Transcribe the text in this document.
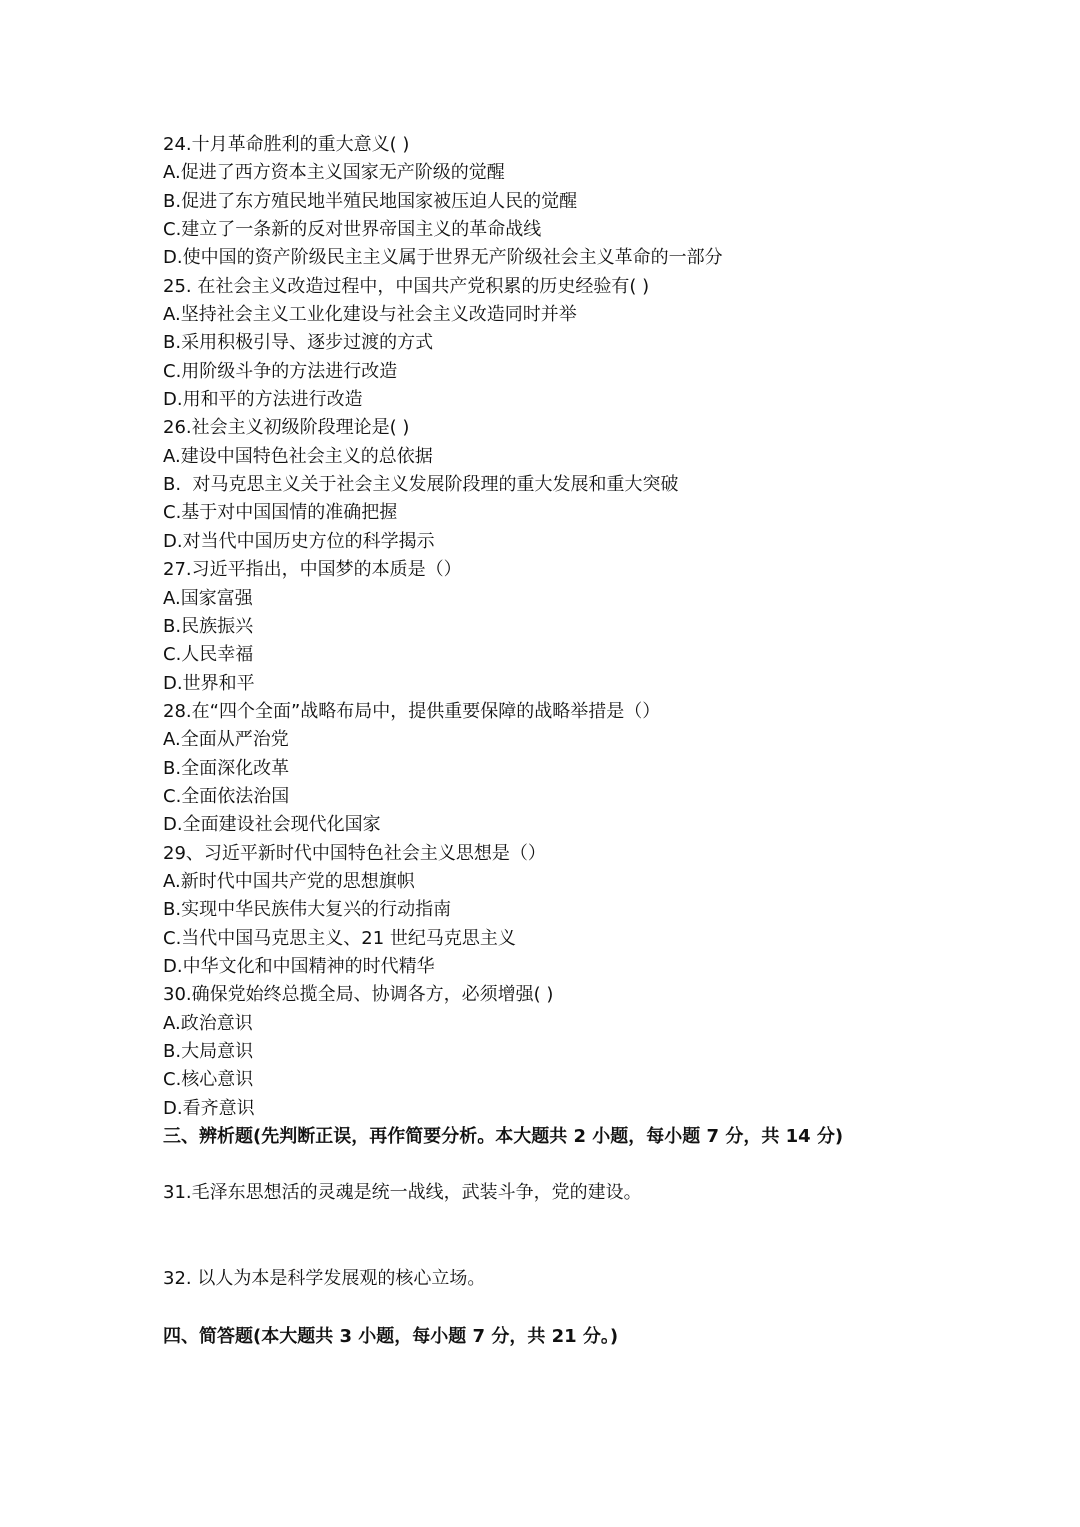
24.十月革命胜利的重大意义( )
A.促进了西方资本主义国家无产阶级的觉醒
B.促进了东方殖民地半殖民地国家被压迫人民的觉醒
C.建立了一条新的反对世界帝国主义的革命战线
D.使中国的资产阶级民主主义属于世界无产阶级社会主义革命的一部分
25. 在社会主义改造过程中，中国共产党积累的历史经验有( )
A.坚持社会主义工业化建设与社会主义改造同时并举
B.采用积极引导、逐步过渡的方式
C.用阶级斗争的方法进行改造
D.用和平的方法进行改造
26.社会主义初级阶段理论是( )
A.建设中国特色社会主义的总依据
B.  对马克思主义关于社会主义发展阶段理的重大发展和重大突破
C.基于对中国国情的准确把握
D.对当代中国历史方位的科学揭示
27.习近平指出，中国梦的本质是（）
A.国家富强
B.民族振兴
C.人民幸福
D.世界和平
28.在“四个全面”战略布局中，提供重要保障的战略举措是（）
A.全面从严治党
B.全面深化改革
C.全面依法治国
D.全面建设社会现代化国家
29、习近平新时代中国特色社会主义思想是（）
A.新时代中国共产党的思想旗帜
B.实现中华民族伟大复兴的行动指南
C.当代中国马克思主义、21 世纪马克思主义
D.中华文化和中国精神的时代精华
30.确保党始终总揽全局、协调各方，必须增强( )
A.政治意识
B.大局意识
C.核心意识
D.看齐意识
三、辨析题(先判断正误，再作简要分析。本大题共 2 小题，每小题 7 分，共 14 分)
31.毛泽东思想活的灵魂是统一战线，武装斗争，党的建设。
32. 以人为本是科学发展观的核心立场。
四、简答题(本大题共 3 小题，每小题 7 分，共 21 分。)
